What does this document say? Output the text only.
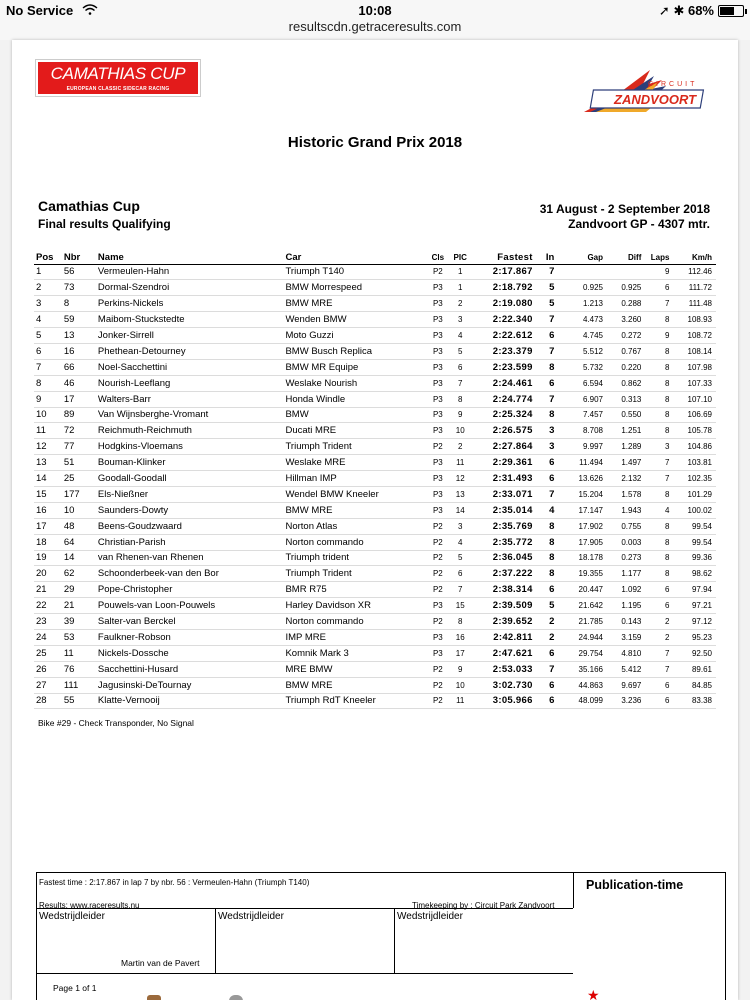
No Service	10:08
resultscdn.getraceresults.com
➚ ✱ 68%
CAMATHIAS CUP
EUROPEAN CLASSIC SIDECAR RACING
CIRCUIT
ZANDVOORT
Historic Grand Prix 2018
Camathias Cup
Final results Qualifying
31 August - 2 September 2018
Zandvoort GP - 4307 mtr.
Pos	Nbr	Name	Car	Cls	PIC	Fastest	In	Gap	Diff	Laps	Km/h
1	56	Vermeulen-Hahn	Triumph T140	P2	1	2:17.867	7			9	112.46
2	73	Dormal-Szendroi	BMW Morrespeed	P3	1	2:18.792	5	0.925	0.925	6	111.72
3	8	Perkins-Nickels	BMW MRE	P3	2	2:19.080	5	1.213	0.288	7	111.48
4	59	Maibom-Stuckstedte	Wenden BMW	P3	3	2:22.340	7	4.473	3.260	8	108.93
5	13	Jonker-Sirrell	Moto Guzzi	P3	4	2:22.612	6	4.745	0.272	9	108.72
6	16	Phethean-Detourney	BMW Busch Replica	P3	5	2:23.379	7	5.512	0.767	8	108.14
7	66	Noel-Sacchettini	BMW MR Equipe	P3	6	2:23.599	8	5.732	0.220	8	107.98
8	46	Nourish-Leeflang	Weslake Nourish	P3	7	2:24.461	6	6.594	0.862	8	107.33
9	17	Walters-Barr	Honda Windle	P3	8	2:24.774	7	6.907	0.313	8	107.10
10	89	Van Wijnsberghe-Vromant	BMW	P3	9	2:25.324	8	7.457	0.550	8	106.69
11	72	Reichmuth-Reichmuth	Ducati MRE	P3	10	2:26.575	3	8.708	1.251	8	105.78
12	77	Hodgkins-Vloemans	Triumph Trident	P2	2	2:27.864	3	9.997	1.289	3	104.86
13	51	Bouman-Klinker	Weslake MRE	P3	11	2:29.361	6	11.494	1.497	7	103.81
14	25	Goodall-Goodall	Hillman IMP	P3	12	2:31.493	6	13.626	2.132	7	102.35
15	177	Els-Nießner	Wendel BMW Kneeler	P3	13	2:33.071	7	15.204	1.578	8	101.29
16	10	Saunders-Dowty	BMW MRE	P3	14	2:35.014	4	17.147	1.943	4	100.02
17	48	Beens-Goudzwaard	Norton Atlas	P2	3	2:35.769	8	17.902	0.755	8	99.54
18	64	Christian-Parish	Norton commando	P2	4	2:35.772	8	17.905	0.003	8	99.54
19	14	van Rhenen-van Rhenen	Triumph trident	P2	5	2:36.045	8	18.178	0.273	8	99.36
20	62	Schoonderbeek-van den Bor	Triumph Trident	P2	6	2:37.222	8	19.355	1.177	8	98.62
21	29	Pope-Christopher	BMR R75	P2	7	2:38.314	6	20.447	1.092	6	97.94
22	21	Pouwels-van Loon-Pouwels	Harley Davidson XR	P3	15	2:39.509	5	21.642	1.195	6	97.21
23	39	Salter-van Berckel	Norton commando	P2	8	2:39.652	2	21.785	0.143	2	97.12
24	53	Faulkner-Robson	IMP MRE	P3	16	2:42.811	2	24.944	3.159	2	95.23
25	11	Nickels-Dossche	Komnik Mark 3	P3	17	2:47.621	6	29.754	4.810	7	92.50
26	76	Sacchettini-Husard	MRE BMW	P2	9	2:53.033	7	35.166	5.412	7	89.61
27	111	Jagusinski-DeTournay	BMW MRE	P2	10	3:02.730	6	44.863	9.697	6	84.85
28	55	Klatte-Vernooij	Triumph RdT Kneeler	P2	11	3:05.966	6	48.099	3.236	6	83.38
Bike #29 - Check Transponder, No Signal
Fastest time : 2:17.867 in lap 7 by nbr. 56 : Vermeulen-Hahn (Triumph T140)	Publication-time
Results: www.raceresults.nu	Timekeeping by : Circuit Park Zandvoort
Wedstrijdleider	Wedstrijdleider	Wedstrijdleider
Martin van de Pavert
Page 1 of 1	★
